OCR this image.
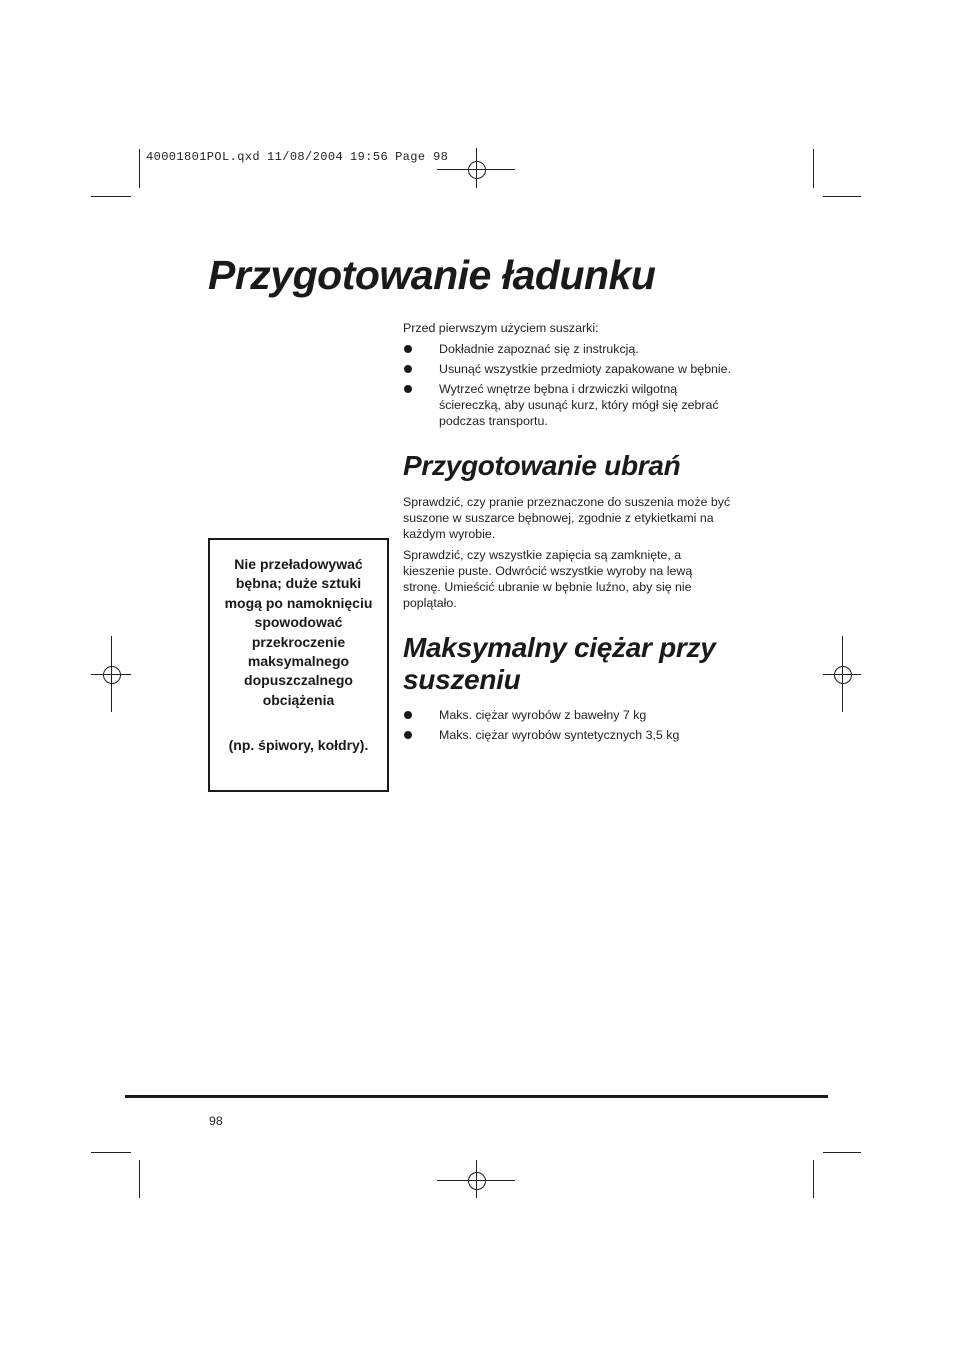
40001801POL.qxd 11/08/2004 19:56 Page 98
Przygotowanie ładunku

Przed pierwszym użyciem suszarki:

Dokładnie zapoznać się z instrukcją.
Usunąć wszystkie przedmioty zapakowane w bębnie.
Wytrzeć wnętrze bębna i drzwiczki wilgotną ściereczką, aby usunąć kurz, który mógł się zebrać podczas transportu.
Przygotowanie ubrań

Sprawdzić, czy pranie przeznaczone do suszenia może być suszone w suszarce bębnowej, zgodnie z etykietkami na każdym wyrobie.

Sprawdzić, czy wszystkie zapięcia są zamknięte, a kieszenie puste. Odwrócić wszystkie wyroby na lewą stronę. Umieścić ubranie w bębnie luźno, aby się nie poplątało.

Maksymalny ciężar przy
suszeniu
Maks. ciężar wyrobów z bawełny 7 kg
Maks. ciężar wyrobów syntetycznych 3,5 kg

Nie przeładowywać bębna; duże sztuki mogą po namoknięciu spowodować przekroczenie maksymalnego dopuszczalnego obciążenia

(np. śpiwory, kołdry).

98
